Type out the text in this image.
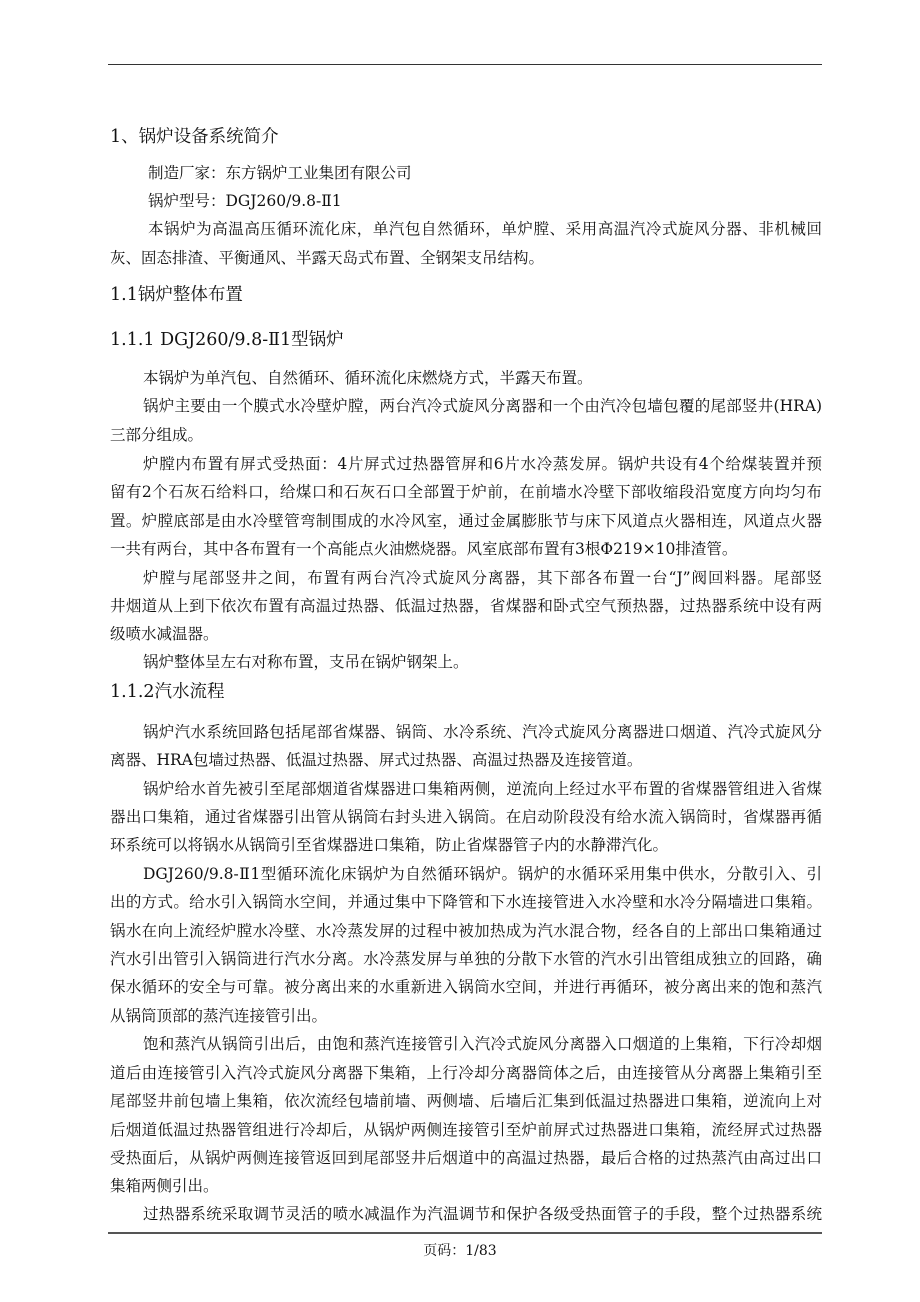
1、锅炉设备系统简介
制造厂家：东方锅炉工业集团有限公司
锅炉型号：DGJ260/9.8-Ⅱ1
本锅炉为高温高压循环流化床，单汽包自然循环，单炉膛、采用高温汽冷式旋风分器、非机械回
灰、固态排渣、平衡通风、半露天岛式布置、全钢架支吊结构。
1.1锅炉整体布置
1.1.1 DGJ260/9.8-Ⅱ1型锅炉
本锅炉为单汽包、自然循环、循环流化床燃烧方式，半露天布置。
锅炉主要由一个膜式水冷壁炉膛，两台汽冷式旋风分离器和一个由汽冷包墙包覆的尾部竖井(HRA)
三部分组成。
炉膛内布置有屏式受热面：4片屏式过热器管屏和6片水冷蒸发屏。锅炉共设有4个给煤装置并预
留有2个石灰石给料口，给煤口和石灰石口全部置于炉前，在前墙水冷壁下部收缩段沿宽度方向均匀布
置。炉膛底部是由水冷壁管弯制围成的水冷风室，通过金属膨胀节与床下风道点火器相连，风道点火器
一共有两台，其中各布置有一个高能点火油燃烧器。风室底部布置有3根Φ219×10排渣管。
炉膛与尾部竖井之间，布置有两台汽冷式旋风分离器，其下部各布置一台“J”阀回料器。尾部竖
井烟道从上到下依次布置有高温过热器、低温过热器，省煤器和卧式空气预热器，过热器系统中设有两
级喷水减温器。
锅炉整体呈左右对称布置，支吊在锅炉钢架上。
1.1.2汽水流程
锅炉汽水系统回路包括尾部省煤器、锅筒、水冷系统、汽冷式旋风分离器进口烟道、汽冷式旋风分
离器、HRA包墙过热器、低温过热器、屏式过热器、高温过热器及连接管道。
锅炉给水首先被引至尾部烟道省煤器进口集箱两侧，逆流向上经过水平布置的省煤器管组进入省煤
器出口集箱，通过省煤器引出管从锅筒右封头进入锅筒。在启动阶段没有给水流入锅筒时，省煤器再循
环系统可以将锅水从锅筒引至省煤器进口集箱，防止省煤器管子内的水静滞汽化。
DGJ260/9.8-Ⅱ1型循环流化床锅炉为自然循环锅炉。锅炉的水循环采用集中供水，分散引入、引
出的方式。给水引入锅筒水空间，并通过集中下降管和下水连接管进入水冷壁和水冷分隔墙进口集箱。
锅水在向上流经炉膛水冷壁、水冷蒸发屏的过程中被加热成为汽水混合物，经各自的上部出口集箱通过
汽水引出管引入锅筒进行汽水分离。水冷蒸发屏与单独的分散下水管的汽水引出管组成独立的回路，确
保水循环的安全与可靠。被分离出来的水重新进入锅筒水空间，并进行再循环，被分离出来的饱和蒸汽
从锅筒顶部的蒸汽连接管引出。
饱和蒸汽从锅筒引出后，由饱和蒸汽连接管引入汽冷式旋风分离器入口烟道的上集箱，下行冷却烟
道后由连接管引入汽冷式旋风分离器下集箱，上行冷却分离器筒体之后，由连接管从分离器上集箱引至
尾部竖井前包墙上集箱，依次流经包墙前墙、两侧墙、后墙后汇集到低温过热器进口集箱，逆流向上对
后烟道低温过热器管组进行冷却后，从锅炉两侧连接管引至炉前屏式过热器进口集箱，流经屏式过热器
受热面后，从锅炉两侧连接管返回到尾部竖井后烟道中的高温过热器，最后合格的过热蒸汽由高过出口
集箱两侧引出。
过热器系统采取调节灵活的喷水减温作为汽温调节和保护各级受热面管子的手段，整个过热器系统
页码：1/83
